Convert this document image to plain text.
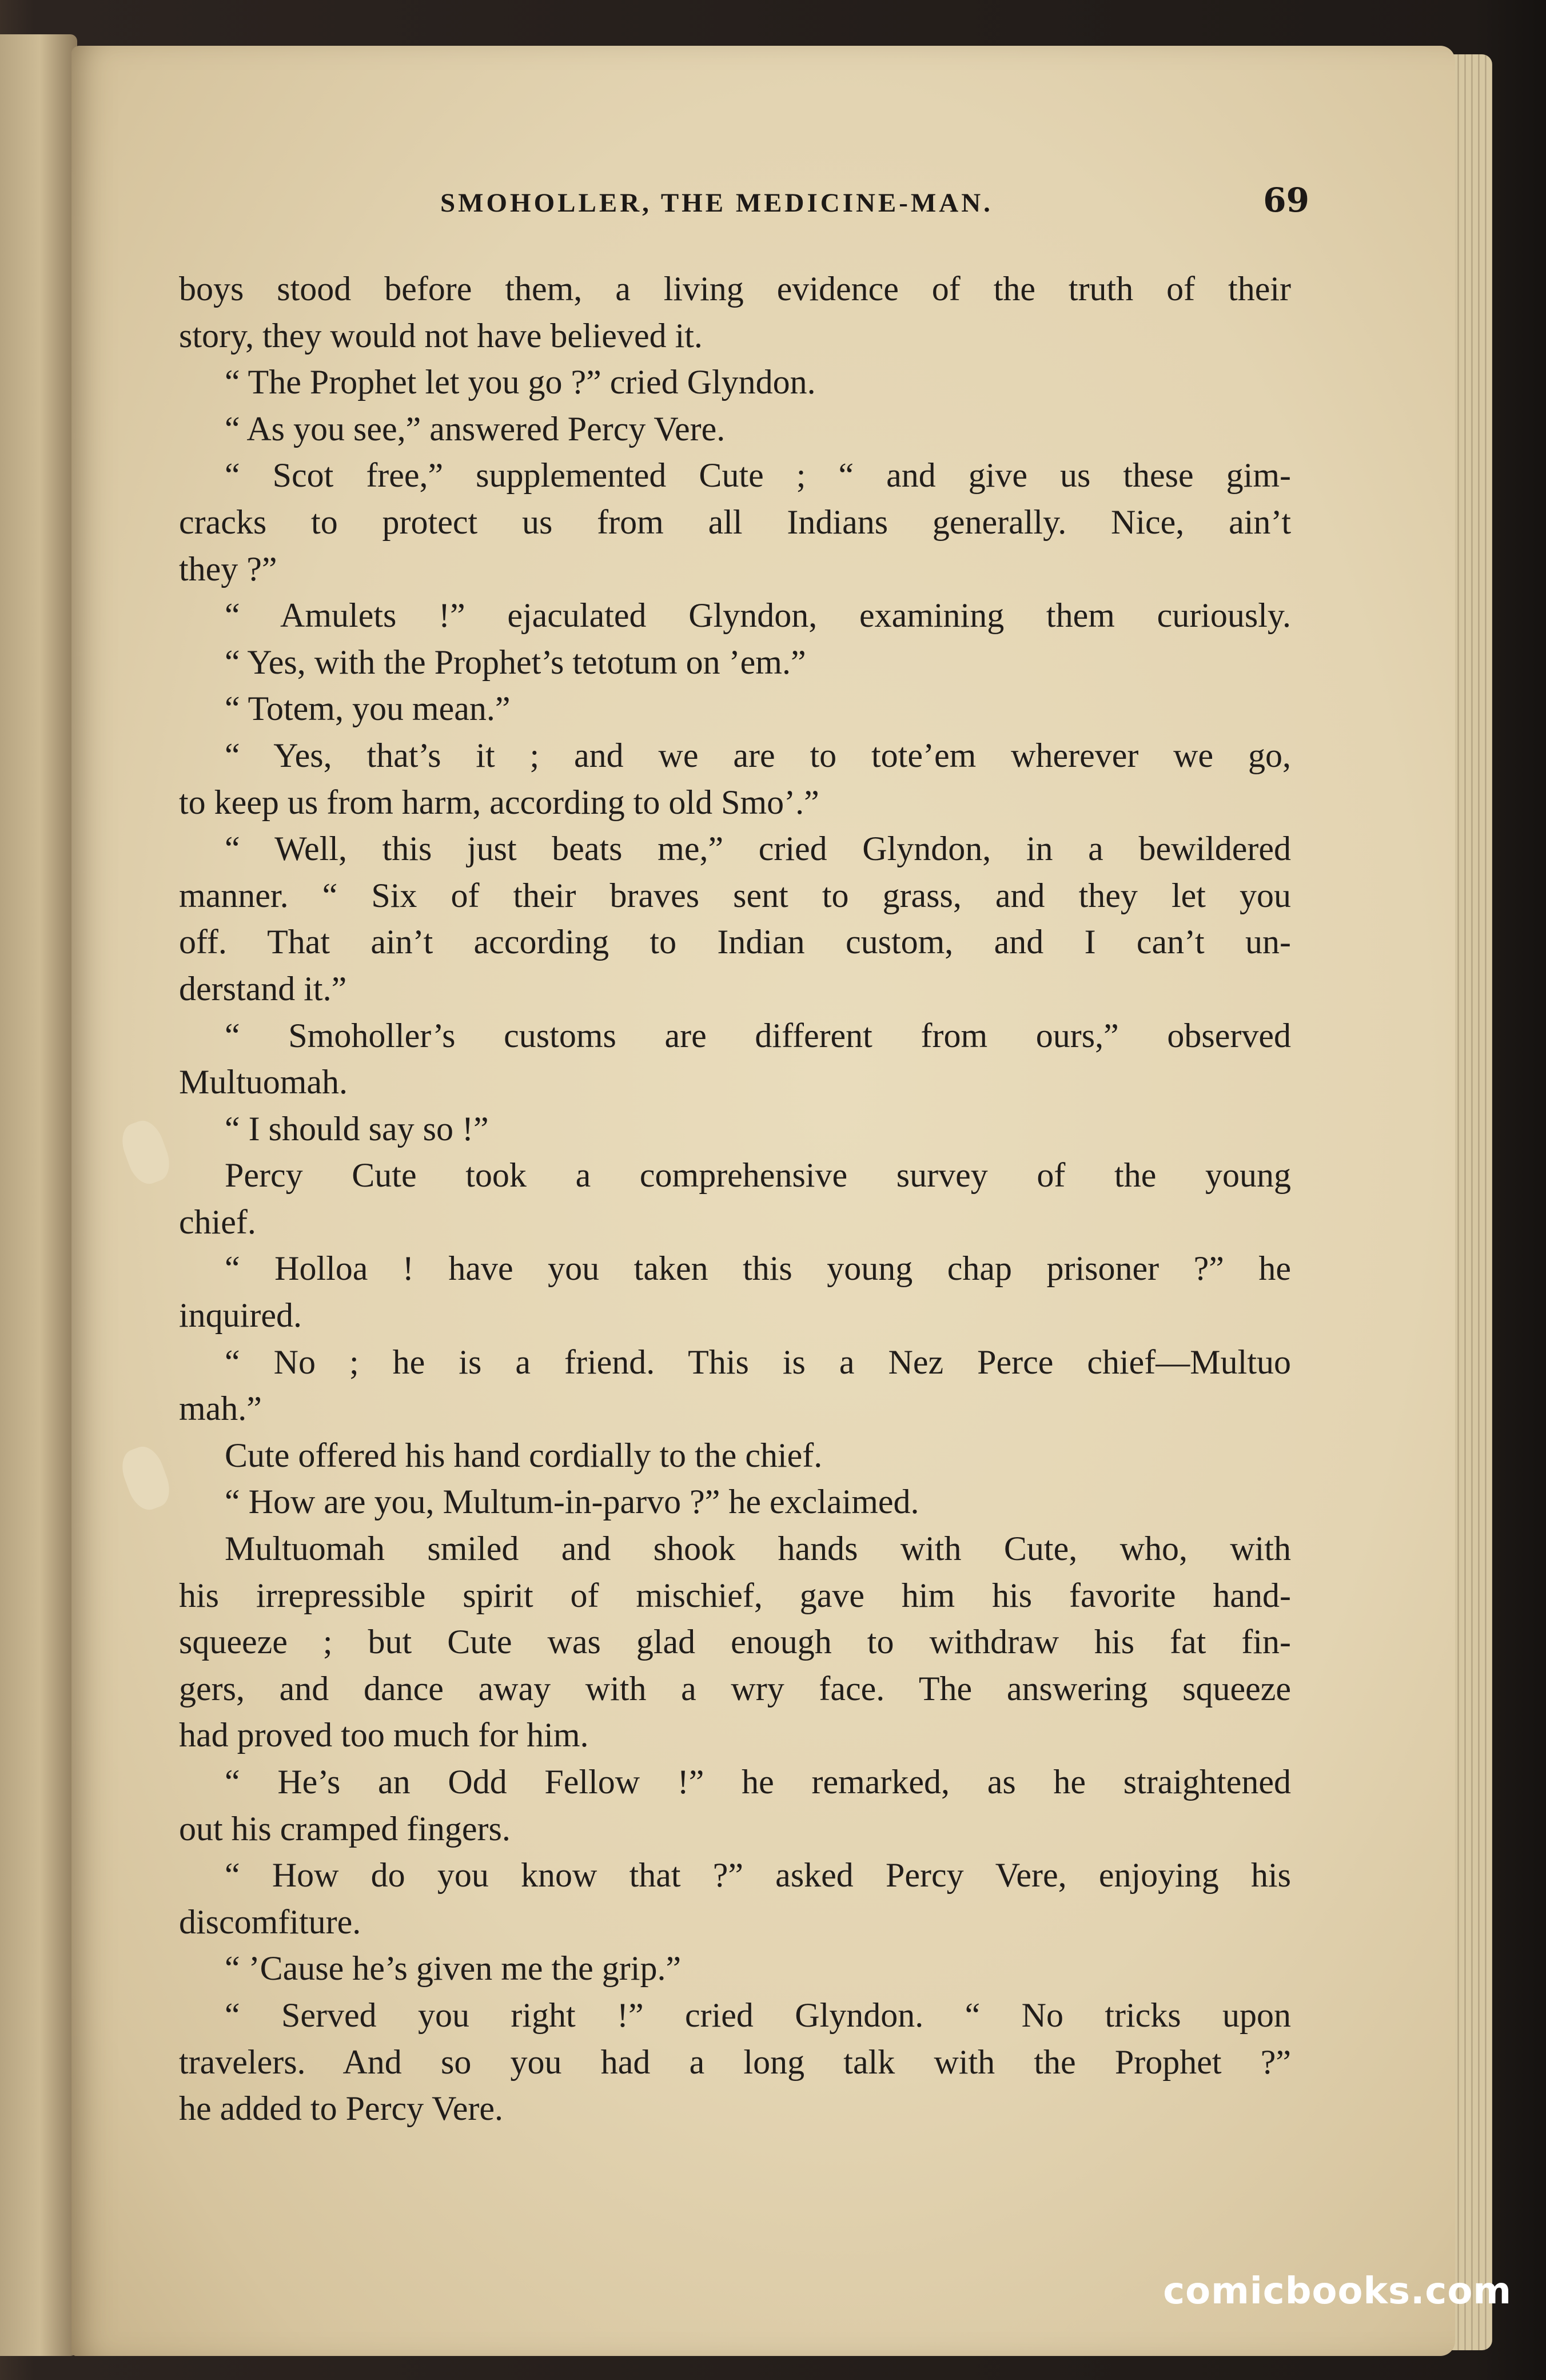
SMOHOLLER, THE MEDICINE-MAN.	69
boys stood before them, a living evidence of the truth of their
story, they would not have believed it.
“ The Prophet let you go ?” cried Glyndon.
“ As you see,” answered Percy Vere.
“ Scot free,” supplemented Cute ; “ and give us these gim-
cracks to protect us from all Indians generally. Nice, ain’t
they ?”
“ Amulets !” ejaculated Glyndon, examining them curiously.
“ Yes, with the Prophet’s tetotum on ’em.”
“ Totem, you mean.”
“ Yes, that’s it ; and we are to tote’em wherever we go,
to keep us from harm, according to old Smo’.”
“ Well, this just beats me,” cried Glyndon, in a bewildered
manner. “ Six of their braves sent to grass, and they let you
off. That ain’t according to Indian custom, and I can’t un-
derstand it.”
“ Smoholler’s customs are different from ours,” observed
Multuomah.
“ I should say so !”
Percy Cute took a comprehensive survey of the young
chief.
“ Holloa ! have you taken this young chap prisoner ?” he
inquired.
“ No ; he is a friend. This is a Nez Perce chief—Multuo
mah.”
Cute offered his hand cordially to the chief.
“ How are you, Multum-in-parvo ?” he exclaimed.
Multuomah smiled and shook hands with Cute, who, with
his irrepressible spirit of mischief, gave him his favorite hand-
squeeze ; but Cute was glad enough to withdraw his fat fin-
gers, and dance away with a wry face. The answering squeeze
had proved too much for him.
“ He’s an Odd Fellow !” he remarked, as he straightened
out his cramped fingers.
“ How do you know that ?” asked Percy Vere, enjoying his
discomfiture.
“ ’Cause he’s given me the grip.”
“ Served you right !” cried Glyndon. “ No tricks upon
travelers. And so you had a long talk with the Prophet ?”
he added to Percy Vere.
comicbooks.com
